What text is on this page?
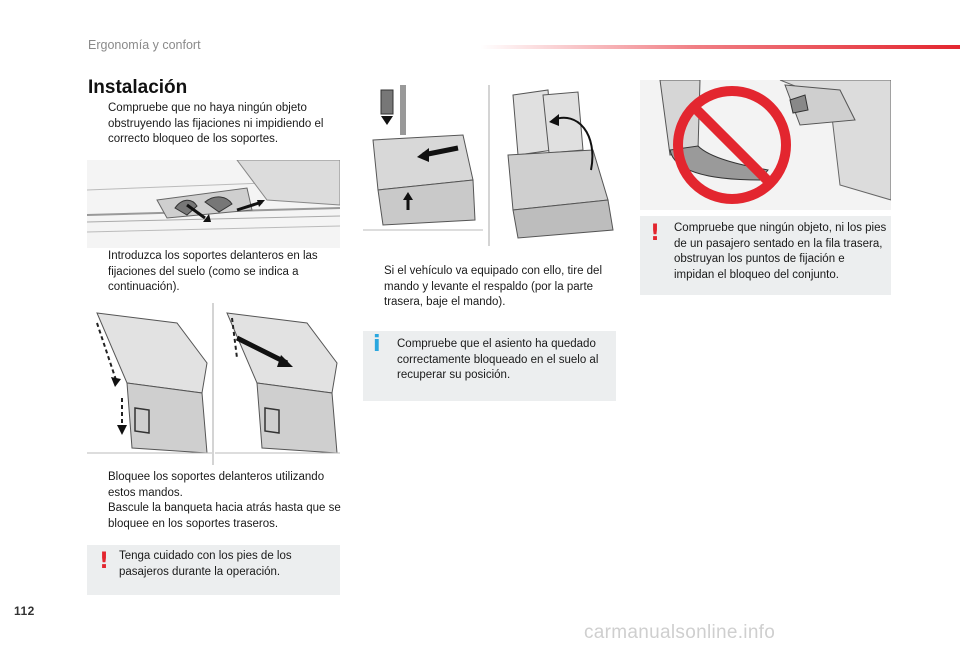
Ergonomía y confort
112
Instalación
Compruebe que no haya ningún objeto obstruyendo las fijaciones ni impidiendo el correcto bloqueo de los soportes.
Introduzca los soportes delanteros en las fijaciones del suelo (como se indica a continuación).
Bloquee los soportes delanteros utilizando estos mandos.
Bascule la banqueta hacia atrás hasta que se bloquee en los soportes traseros.
! Tenga cuidado con los pies de los pasajeros durante la operación.
Si el vehículo va equipado con ello, tire del mando y levante el respaldo (por la parte trasera, baje el mando).
i Compruebe que el asiento ha quedado correctamente bloqueado en el suelo al recuperar su posición.
! Compruebe que ningún objeto, ni los pies de un pasajero sentado en la fila trasera, obstruyan los puntos de fijación e impidan el bloqueo del conjunto.
carmanualsonline.info
